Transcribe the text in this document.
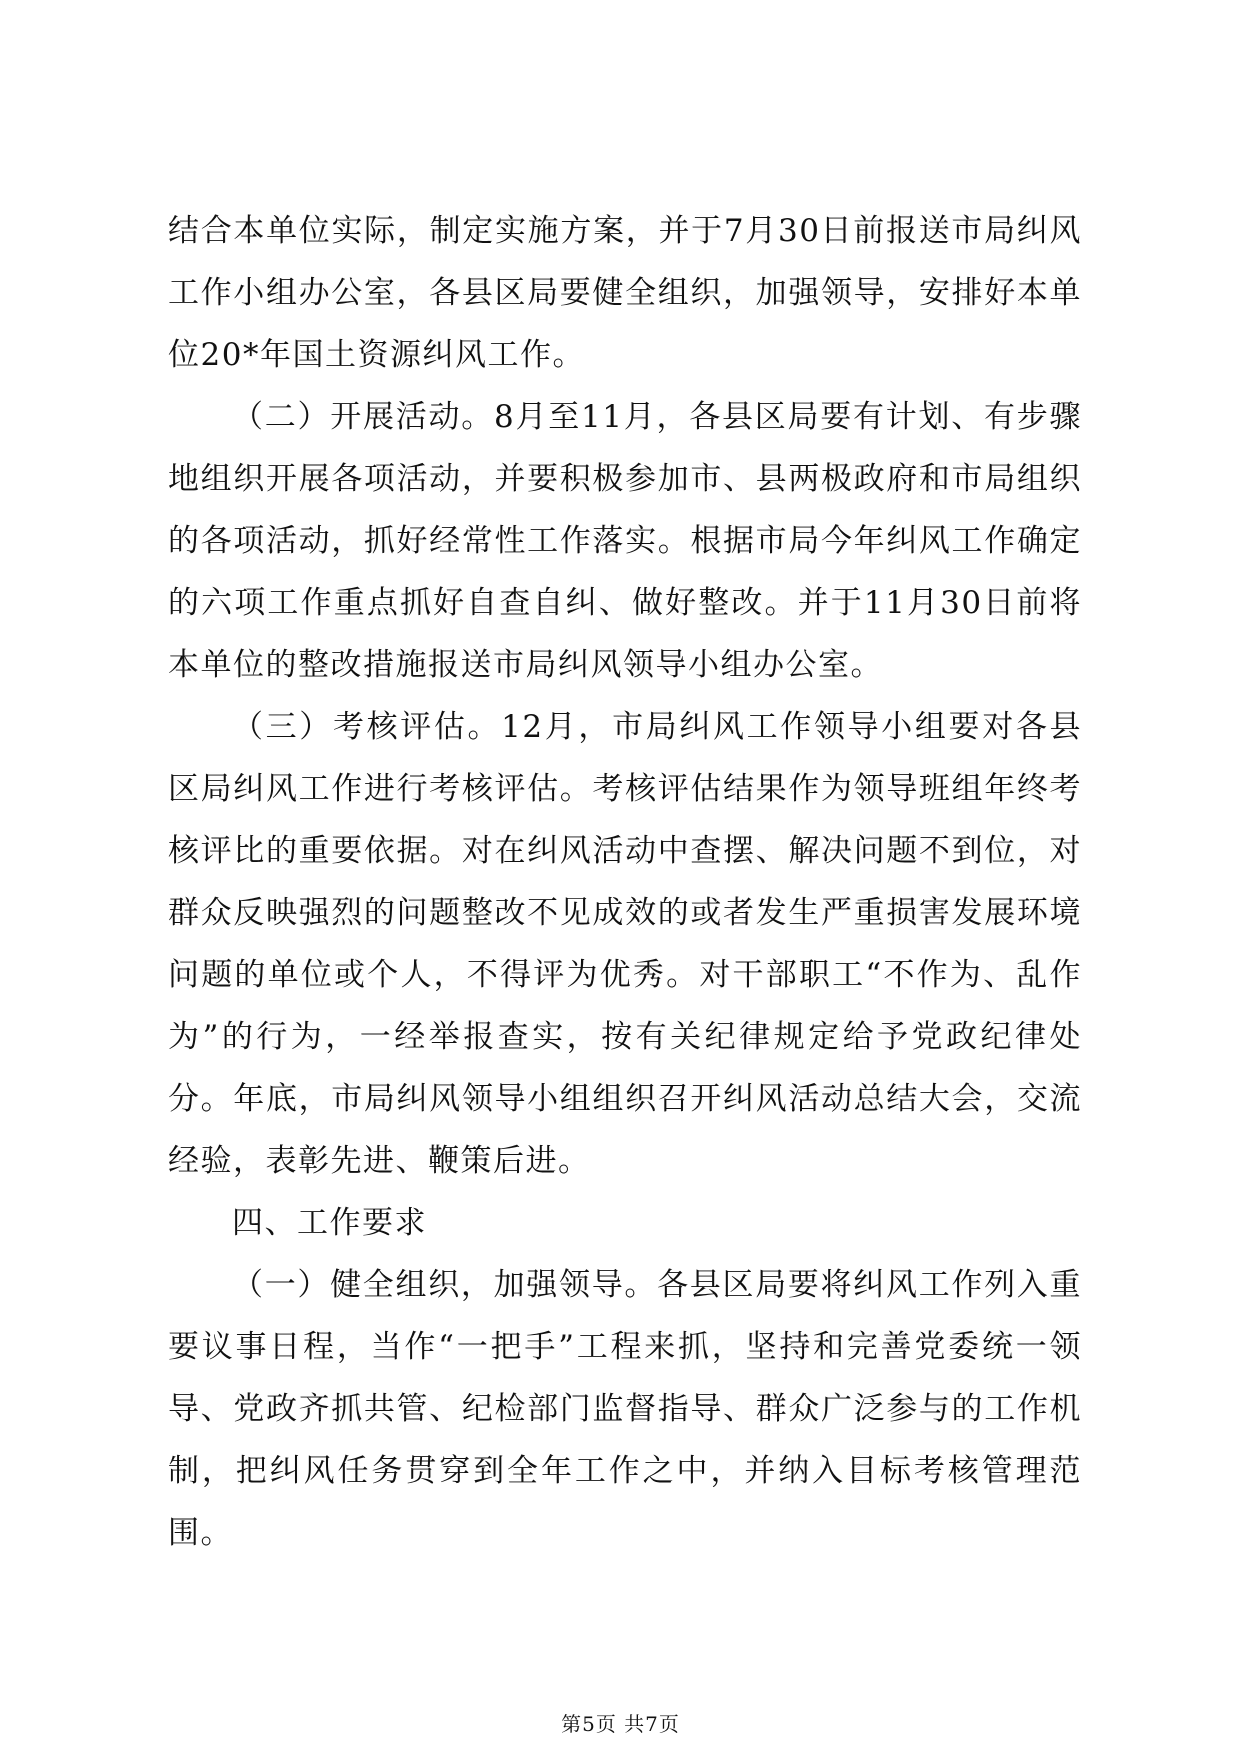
结合本单位实际，制定实施方案，并于7月30日前报送市局纠风工作小组办公室，各县区局要健全组织，加强领导，安排好本单位20*年国土资源纠风工作。

（二）开展活动。8月至11月，各县区局要有计划、有步骤地组织开展各项活动，并要积极参加市、县两极政府和市局组织的各项活动，抓好经常性工作落实。根据市局今年纠风工作确定的六项工作重点抓好自查自纠、做好整改。并于11月30日前将本单位的整改措施报送市局纠风领导小组办公室。

（三）考核评估。12月，市局纠风工作领导小组要对各县区局纠风工作进行考核评估。考核评估结果作为领导班组年终考核评比的重要依据。对在纠风活动中查摆、解决问题不到位，对群众反映强烈的问题整改不见成效的或者发生严重损害发展环境问题的单位或个人，不得评为优秀。对干部职工“不作为、乱作为”的行为，一经举报查实，按有关纪律规定给予党政纪律处分。年底，市局纠风领导小组组织召开纠风活动总结大会，交流经验，表彰先进、鞭策后进。

四、工作要求

（一）健全组织，加强领导。各县区局要将纠风工作列入重要议事日程，当作“一把手”工程来抓，坚持和完善党委统一领导、党政齐抓共管、纪检部门监督指导、群众广泛参与的工作机制，把纠风任务贯穿到全年工作之中，并纳入目标考核管理范围。

第5页 共7页
